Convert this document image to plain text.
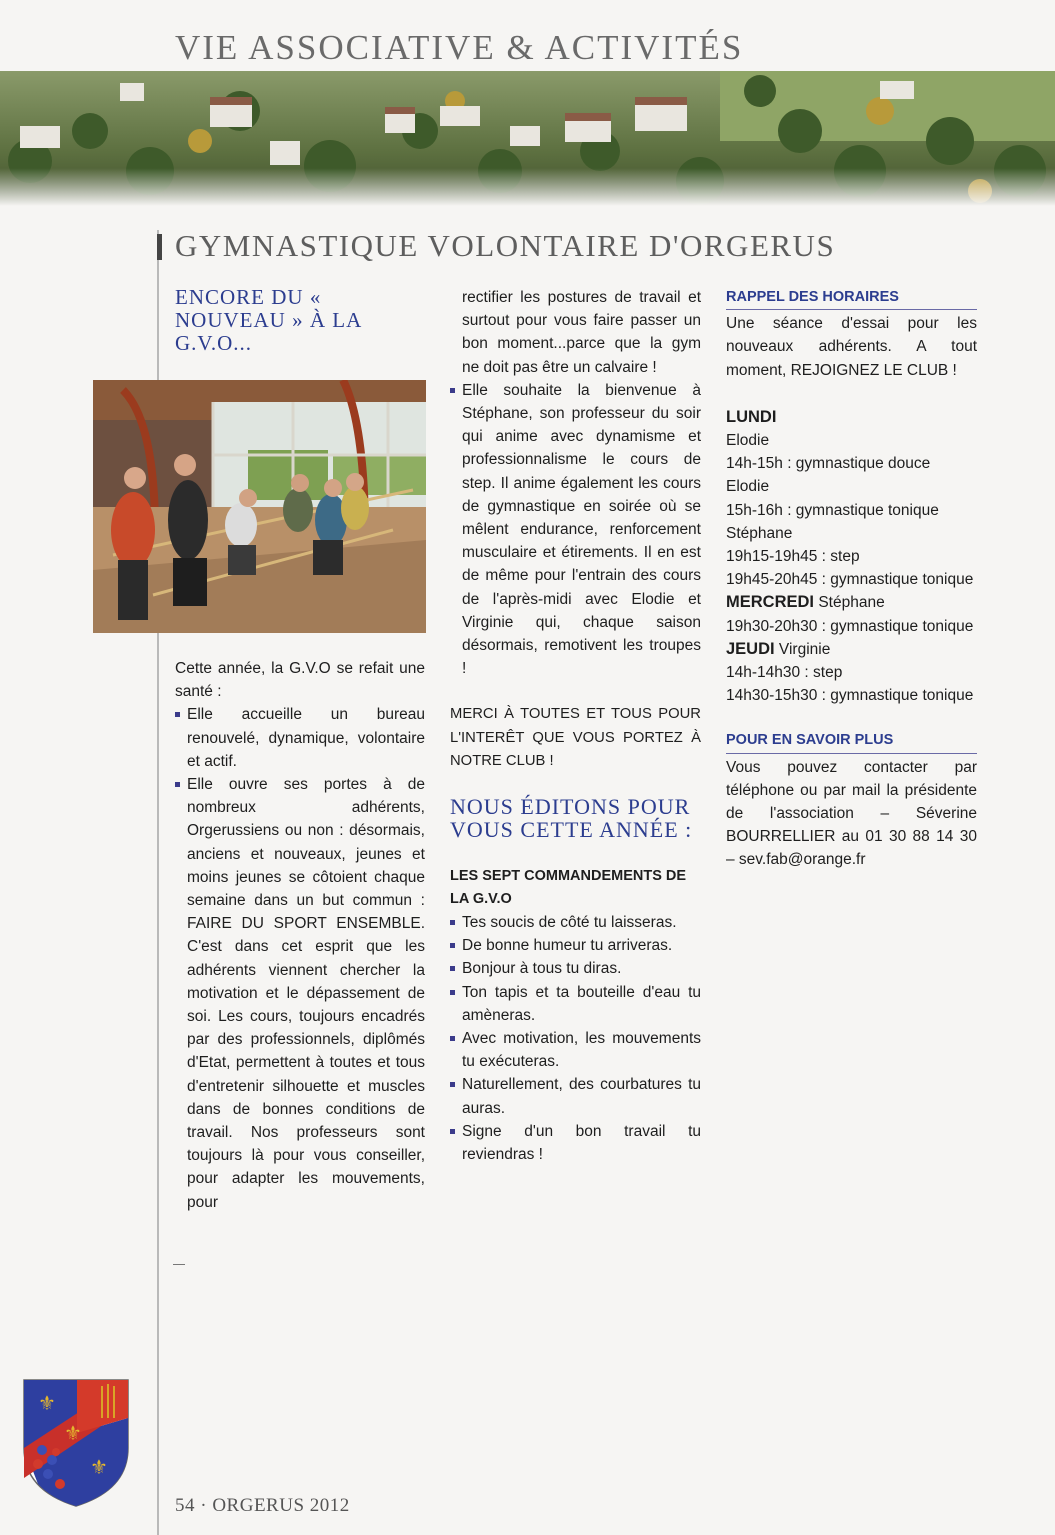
VIE ASSOCIATIVE & ACTIVITÉS
GYMNASTIQUE VOLONTAIRE D'ORGERUS
ENCORE DU « NOUVEAU » À LA G.V.O...

Cette année, la G.V.O se refait une santé :

Elle accueille un bureau renouvelé, dynamique, volontaire et actif.
Elle ouvre ses portes à de nombreux adhérents, Orgerussiens ou non : désormais, anciens et nouveaux, jeunes et moins jeunes se côtoient chaque semaine dans un but commun : FAIRE DU SPORT ENSEMBLE. C'est dans cet esprit que les adhérents viennent chercher la motivation et le dépassement de soi. Les cours, toujours encadrés par des professionnels, diplômés d'Etat, permettent à toutes et tous d'entretenir silhouette et muscles dans de bonnes conditions de travail. Nos professeurs sont toujours là pour vous conseiller, pour adapter les mouvements, pour

rectifier les postures de travail et surtout pour vous faire passer un bon moment...parce que la gym ne doit pas être un calvaire !

Elle souhaite la bienvenue à Stéphane, son professeur du soir qui anime avec dynamisme et professionnalisme le cours de step. Il anime également les cours de gymnastique en soirée où se mêlent endurance, renforcement musculaire et étirements. Il en est de même pour l'entrain des cours de l'après-midi avec Elodie et Virginie qui, chaque saison désormais, remotivent les troupes !

MERCI À TOUTES ET TOUS POUR L'INTERÊT QUE VOUS PORTEZ À NOTRE CLUB !

NOUS ÉDITONS POUR VOUS CETTE ANNÉE :

LES SEPT COMMANDEMENTS DE LA G.V.O

Tes soucis de côté tu laisseras.
De bonne humeur tu arriveras.
Bonjour à tous tu diras.
Ton tapis et ta bouteille d'eau tu amèneras.
Avec motivation, les mouvements tu exécuteras.
Naturellement, des courbatures tu auras.
Signe d'un bon travail tu reviendras !

RAPPEL DES HORAIRES

Une séance d'essai pour les nouveaux adhérents. A tout moment, REJOIGNEZ LE CLUB !

LUNDI

Elodie

14h-15h : gymnastique douce Elodie

15h-16h : gymnastique tonique

Stéphane

19h15-19h45 : step

19h45-20h45 : gymnastique tonique

MERCREDI Stéphane

19h30-20h30 : gymnastique tonique

JEUDI Virginie

14h-14h30 : step

14h30-15h30 : gymnastique tonique

POUR EN SAVOIR PLUS

Vous pouvez contacter par téléphone ou par mail la présidente de l'association – Séverine BOURRELLIER au 01 30 88 14 30 – sev.fab@orange.fr

⚜
⚜
⚜
54 · ORGERUS 2012
